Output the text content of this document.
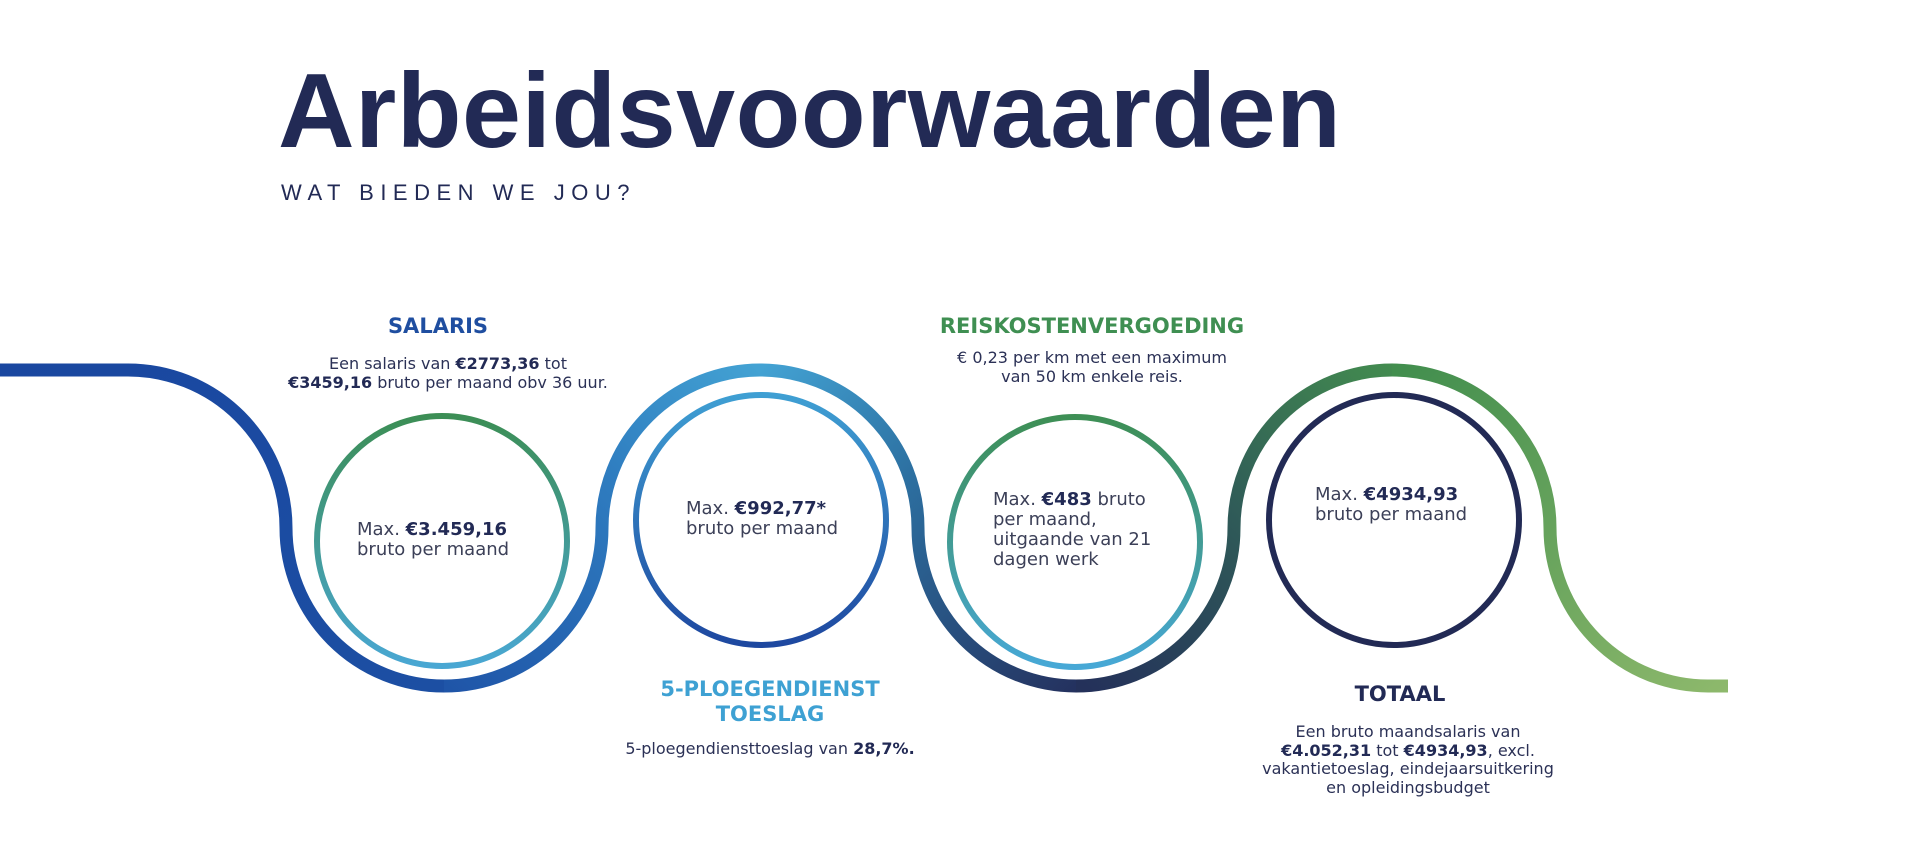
Arbeidsvoorwaarden
WAT BIEDEN WE JOU?
SALARIS
Een salaris van €2773,36 tot
€3459,16 bruto per maand obv 36 uur.
Max. €3.459,16
bruto per maand
5-PLOEGENDIENST
TOESLAG
5-ploegendiensttoeslag van 28,7%.
Max. €992,77*
bruto per maand
REISKOSTENVERGOEDING
€ 0,23 per km met een maximum
van 50 km enkele reis.
Max. €483 bruto
per maand,
uitgaande van 21
dagen werk
TOTAAL
Een bruto maandsalaris van
€4.052,31 tot €4934,93, excl.
vakantietoeslag, eindejaarsuitkering
en opleidingsbudget
Max. €4934,93
bruto per maand
